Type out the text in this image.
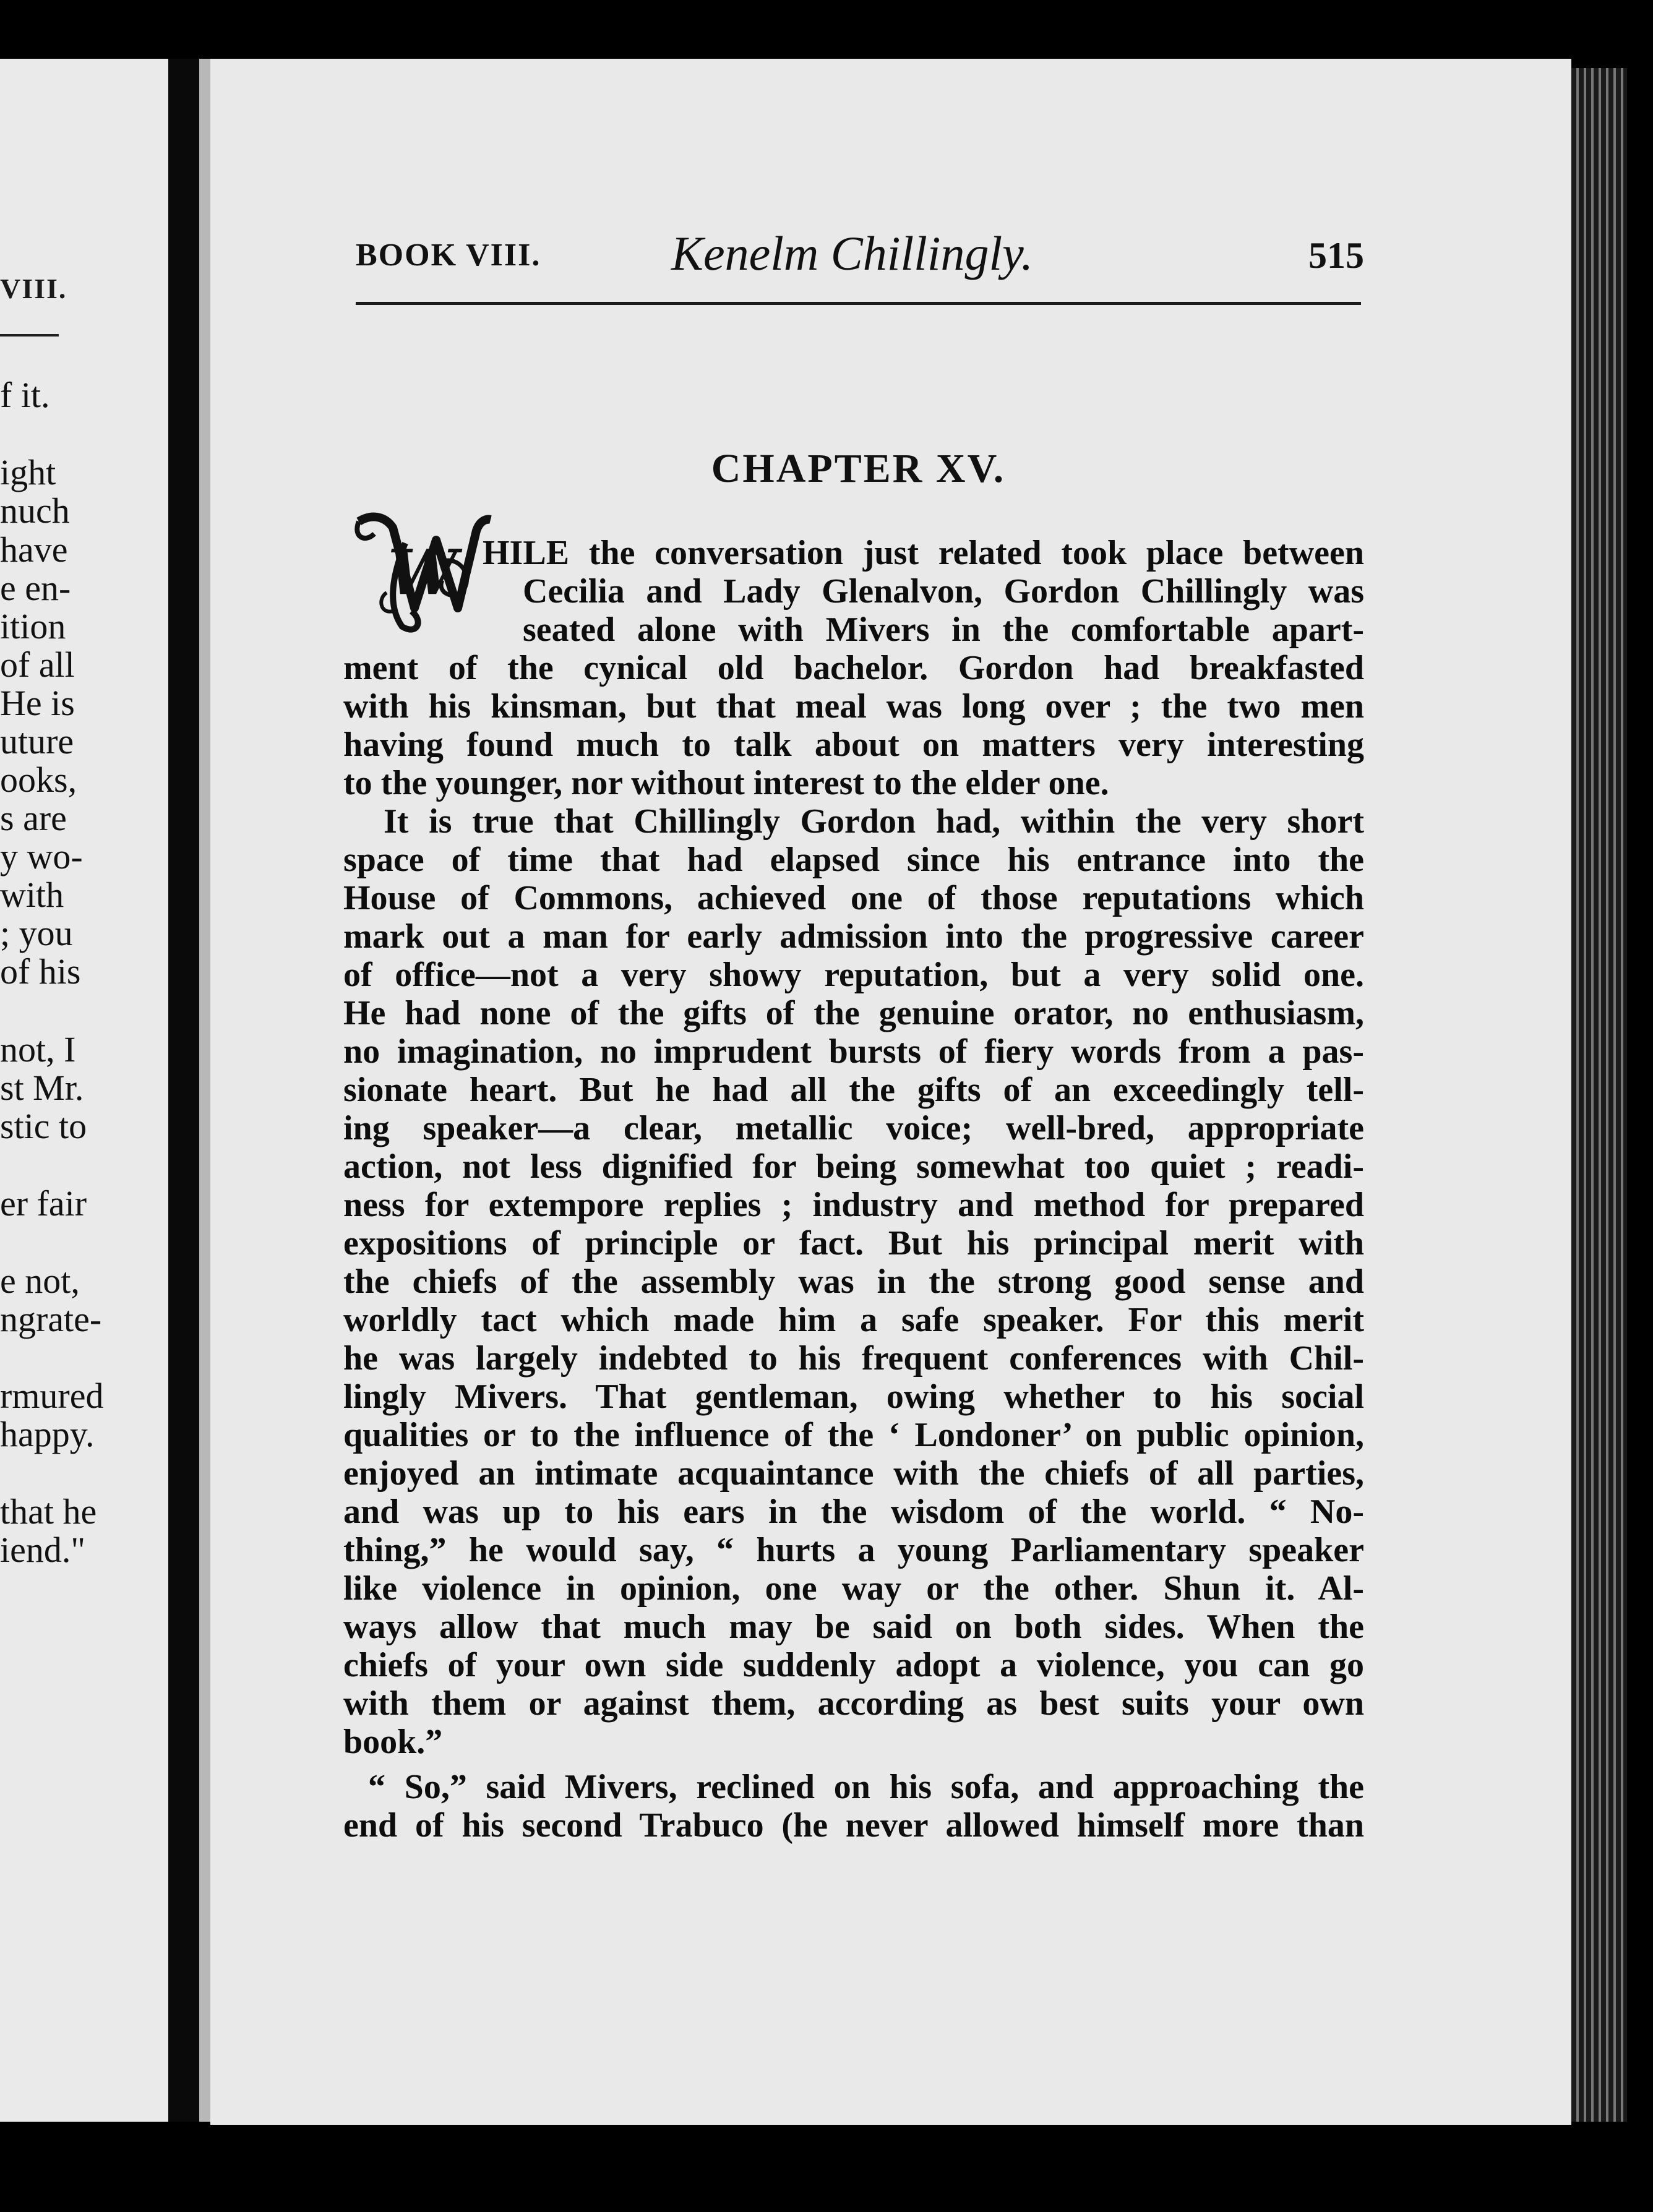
VIII.
f it.
ight
nuch
have
e en-
ition
of all
He is
uture
ooks,
s are
y wo-
with
; you
of his
not, I
st Mr.
stic to
er fair
e not,
ngrate-
rmured
happy.
that he
iend."
BOOK VIII.	Kenelm Chillingly.	515
CHAPTER XV.
W HILE the conversation just related took place between
Cecilia and Lady Glenalvon, Gordon Chillingly was
seated alone with Mivers in the comfortable apart-
ment of the cynical old bachelor. Gordon had breakfasted
with his kinsman, but that meal was long over ; the two men
having found much to talk about on matters very interesting
to the younger, nor without interest to the elder one.
It is true that Chillingly Gordon had, within the very short
space of time that had elapsed since his entrance into the
House of Commons, achieved one of those reputations which
mark out a man for early admission into the progressive career
of office—not a very showy reputation, but a very solid one.
He had none of the gifts of the genuine orator, no enthusiasm,
no imagination, no imprudent bursts of fiery words from a pas-
sionate heart. But he had all the gifts of an exceedingly tell-
ing speaker—a clear, metallic voice; well-bred, appropriate
action, not less dignified for being somewhat too quiet ; readi-
ness for extempore replies ; industry and method for prepared
expositions of principle or fact. But his principal merit with
the chiefs of the assembly was in the strong good sense and
worldly tact which made him a safe speaker. For this merit
he was largely indebted to his frequent conferences with Chil-
lingly Mivers. That gentleman, owing whether to his social
qualities or to the influence of the ‘ Londoner’ on public opinion,
enjoyed an intimate acquaintance with the chiefs of all parties,
and was up to his ears in the wisdom of the world. “ No-
thing,” he would say, “ hurts a young Parliamentary speaker
like violence in opinion, one way or the other. Shun it. Al-
ways allow that much may be said on both sides. When the
chiefs of your own side suddenly adopt a violence, you can go
with them or against them, according as best suits your own
book.”
“ So,” said Mivers, reclined on his sofa, and approaching the
end of his second Trabuco (he never allowed himself more than
